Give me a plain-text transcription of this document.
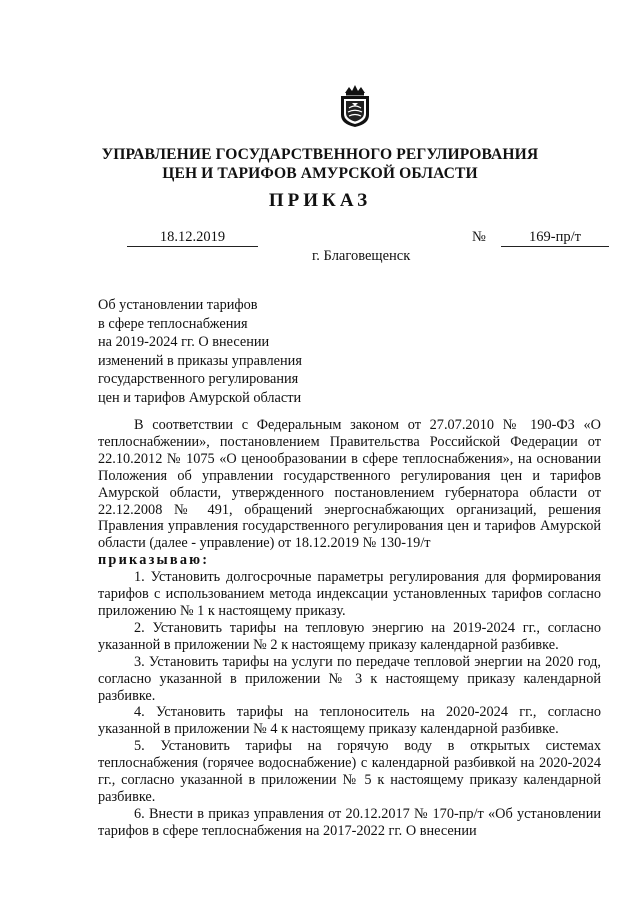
УПРАВЛЕНИЕ ГОСУДАРСТВЕННОГО РЕГУЛИРОВАНИЯ
ЦЕН И ТАРИФОВ АМУРСКОЙ ОБЛАСТИ
ПРИКАЗ
18.12.2019	№	169-пр/т
г. Благовещенск
Об установлении тарифов
в сфере теплоснабжения
на 2019-2024 гг. О внесении
изменений в приказы управления
государственного регулирования
цен и тарифов Амурской области
В соответствии с Федеральным законом от 27.07.2010 № 190-ФЗ «О теплоснабжении», постановлением Правительства Российской Федерации от 22.10.2012 № 1075 «О ценообразовании в сфере теплоснабжения», на основании Положения об управлении государственного регулирования цен и тарифов Амурской области, утвержденного постановлением губернатора области от 22.12.2008 № 491, обращений энергоснабжающих организаций, решения Правления управления государственного регулирования цен и тарифов Амурской области (далее - управление) от 18.12.2019 № 130-19/т
приказываю:
1. Установить долгосрочные параметры регулирования для формирования тарифов с использованием метода индексации установленных тарифов согласно приложению № 1 к настоящему приказу.
2. Установить тарифы на тепловую энергию на 2019-2024 гг., согласно указанной в приложении № 2 к настоящему приказу календарной разбивке.
3. Установить тарифы на услуги по передаче тепловой энергии на 2020 год, согласно указанной в приложении № 3 к настоящему приказу календарной разбивке.
4. Установить тарифы на теплоноситель на 2020-2024 гг., согласно указанной в приложении № 4 к настоящему приказу календарной разбивке.
5. Установить тарифы на горячую воду в открытых системах теплоснабжения (горячее водоснабжение) с календарной разбивкой на 2020-2024 гг., согласно указанной в приложении № 5 к настоящему приказу календарной разбивке.
6. Внести в приказ управления от 20.12.2017 № 170-пр/т «Об установлении тарифов в сфере теплоснабжения на 2017-2022 гг. О внесении
